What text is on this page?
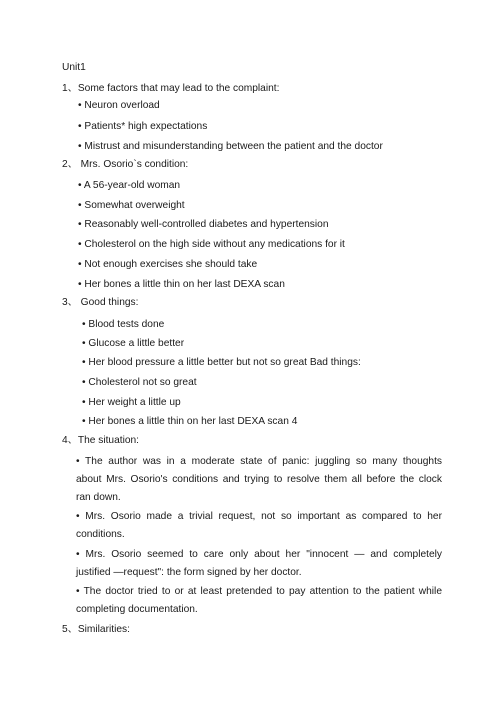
Unit1
1、Some factors that may lead to the complaint:
• Neuron overload
• Patients* high expectations
• Mistrust and misunderstanding between the patient and the doctor
2、 Mrs. Osorio`s condition:
• A 56-year-old woman
• Somewhat overweight
• Reasonably well-controlled diabetes and hypertension
• Cholesterol on the high side without any medications for it
• Not enough exercises she should take
• Her bones a little thin on her last DEXA scan
3、 Good things:
• Blood tests done
• Glucose a little better
• Her blood pressure a little better but not so great Bad things:
• Cholesterol not so great
• Her weight a little up
• Her bones a little thin on her last DEXA scan 4
4、The situation:
• The author was in a moderate state of panic: juggling so many thoughts
about Mrs. Osorio's conditions and trying to resolve them all before the clock
ran down.
• Mrs. Osorio made a trivial request, not so important as compared to her
conditions.
• Mrs. Osorio seemed to care only about her "innocent — and completely
justified —request": the form signed by her doctor.
• The doctor tried to or at least pretended to pay attention to the patient while
completing documentation.
5、Similarities:
